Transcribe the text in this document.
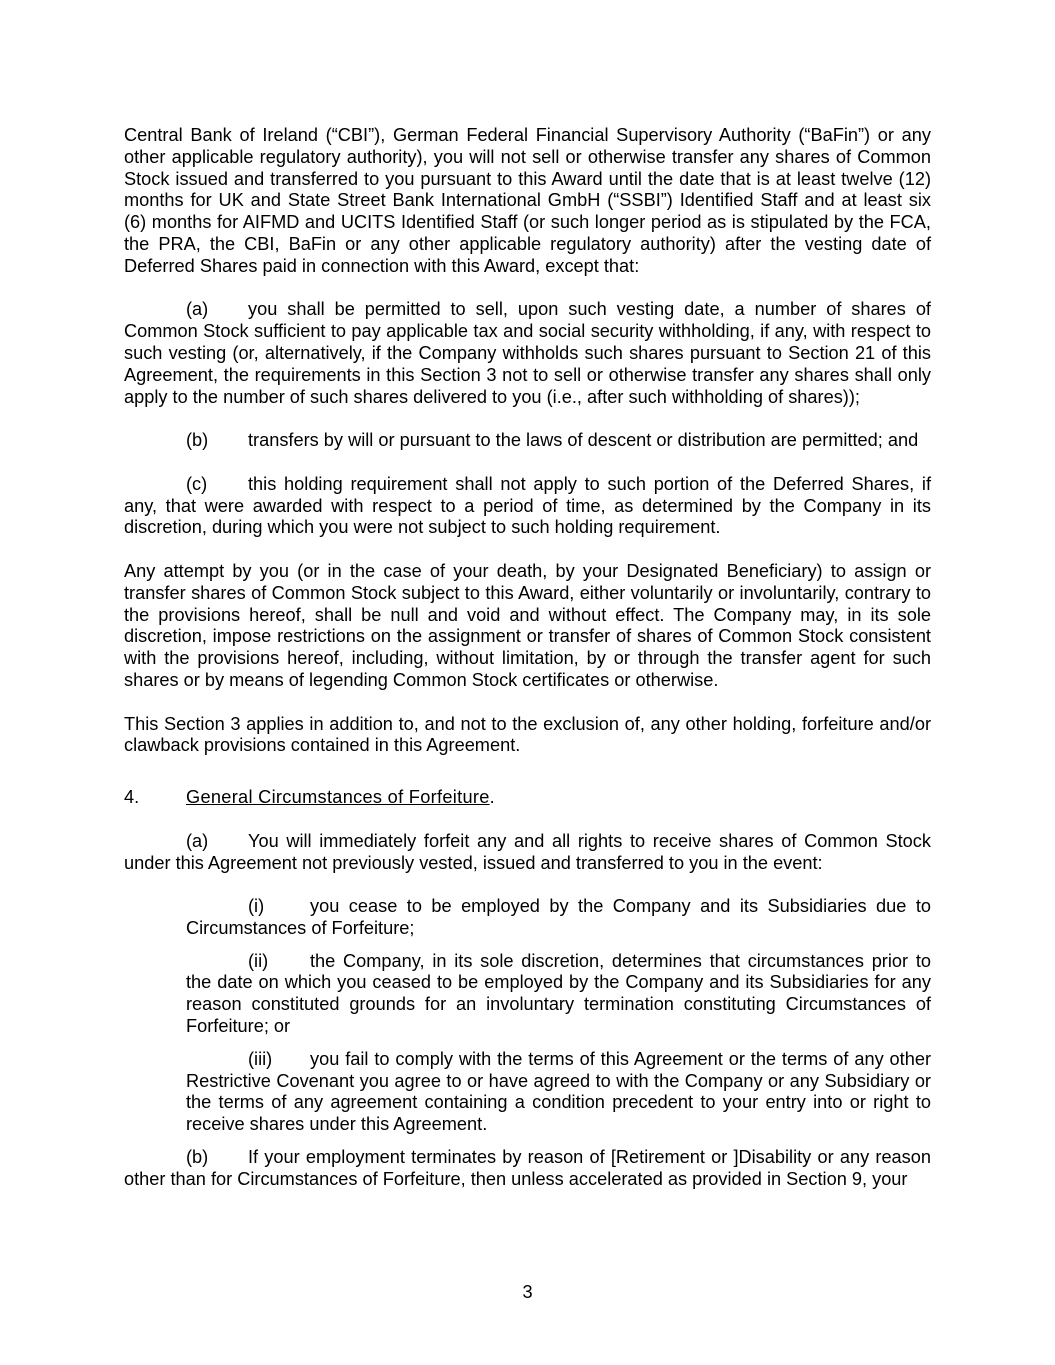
Central Bank of Ireland (“CBI”), German Federal Financial Supervisory Authority (“BaFin”) or any other applicable regulatory authority), you will not sell or otherwise transfer any shares of Common Stock issued and transferred to you pursuant to this Award until the date that is at least twelve (12) months for UK and State Street Bank International GmbH (“SSBI”) Identified Staff and at least six (6) months for AIFMD and UCITS Identified Staff (or such longer period as is stipulated by the FCA, the PRA, the CBI, BaFin or any other applicable regulatory authority) after the vesting date of Deferred Shares paid in connection with this Award, except that:

(a) you shall be permitted to sell, upon such vesting date, a number of shares of Common Stock sufficient to pay applicable tax and social security withholding, if any, with respect to such vesting (or, alternatively, if the Company withholds such shares pursuant to Section 21 of this Agreement, the requirements in this Section 3 not to sell or otherwise transfer any shares shall only apply to the number of such shares delivered to you (i.e., after such withholding of shares));

(b) transfers by will or pursuant to the laws of descent or distribution are permitted; and

(c) this holding requirement shall not apply to such portion of the Deferred Shares, if any, that were awarded with respect to a period of time, as determined by the Company in its discretion, during which you were not subject to such holding requirement.

Any attempt by you (or in the case of your death, by your Designated Beneficiary) to assign or transfer shares of Common Stock subject to this Award, either voluntarily or involuntarily, contrary to the provisions hereof, shall be null and void and without effect. The Company may, in its sole discretion, impose restrictions on the assignment or transfer of shares of Common Stock consistent with the provisions hereof, including, without limitation, by or through the transfer agent for such shares or by means of legending Common Stock certificates or otherwise.

This Section 3 applies in addition to, and not to the exclusion of, any other holding, forfeiture and/or clawback provisions contained in this Agreement.

4.	General Circumstances of Forfeiture.

(a) You will immediately forfeit any and all rights to receive shares of Common Stock under this Agreement not previously vested, issued and transferred to you in the event:

(i)	you cease to be employed by the Company and its Subsidiaries due to Circumstances of Forfeiture;

(ii) the Company, in its sole discretion, determines that circumstances prior to the date on which you ceased to be employed by the Company and its Subsidiaries for any reason constituted grounds for an involuntary termination constituting Circumstances of Forfeiture; or

(iii) you fail to comply with the terms of this Agreement or the terms of any other Restrictive Covenant you agree to or have agreed to with the Company or any Subsidiary or the terms of any agreement containing a condition precedent to your entry into or right to receive shares under this Agreement.

(b) If your employment terminates by reason of [Retirement or ]Disability or any reason other than for Circumstances of Forfeiture, then unless accelerated as provided in Section 9, your

3
